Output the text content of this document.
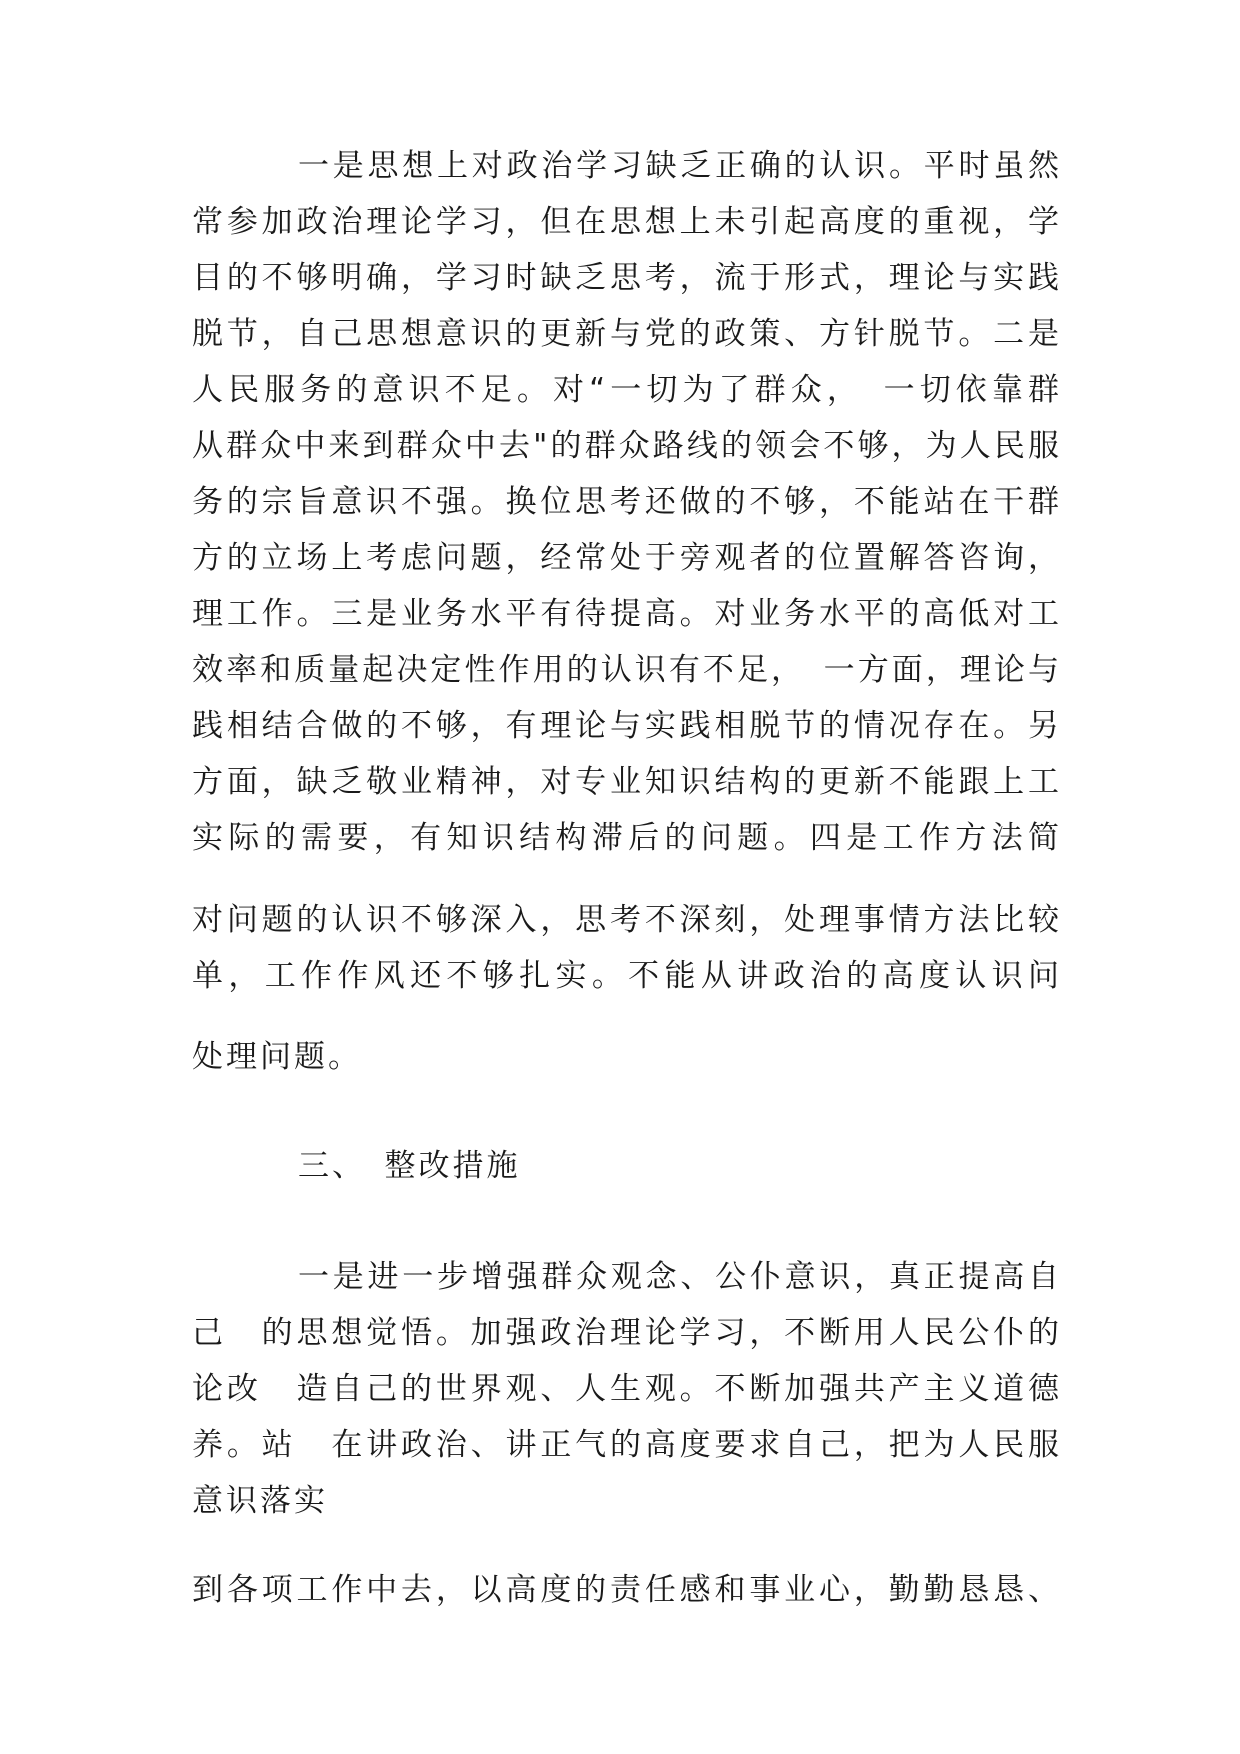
一是思想上对政治学习缺乏正确的认识。平时虽然
常参加政治理论学习，但在思想上未引起高度的重视，学
目的不够明确，学习时缺乏思考，流于形式，理论与实践
脱节，自己思想意识的更新与党的政策、方针脱节。二是
人民服务的意识不足。对“一切为了群众，　一切依靠群
从群众中来到群众中去"的群众路线的领会不够，为人民服
务的宗旨意识不强。换位思考还做的不够，不能站在干群
方的立场上考虑问题，经常处于旁观者的位置解答咨询，
理工作。三是业务水平有待提高。对业务水平的高低对工
效率和质量起决定性作用的认识有不足，　一方面，理论与
践相结合做的不够，有理论与实践相脱节的情况存在。另
方面，缺乏敬业精神，对专业知识结构的更新不能跟上工
实际的需要，有知识结构滞后的问题。四是工作方法简
对问题的认识不够深入，思考不深刻，处理事情方法比较
单，工作作风还不够扎实。不能从讲政治的高度认识问
处理问题。
三、　整改措施
一是进一步增强群众观念、公仆意识，真正提高自
己　的思想觉悟。加强政治理论学习，不断用人民公仆的
论改　造自己的世界观、人生观。不断加强共产主义道德
养。站　在讲政治、讲正气的高度要求自己，把为人民服
意识落实
到各项工作中去，以高度的责任感和事业心，勤勤恳恳、
